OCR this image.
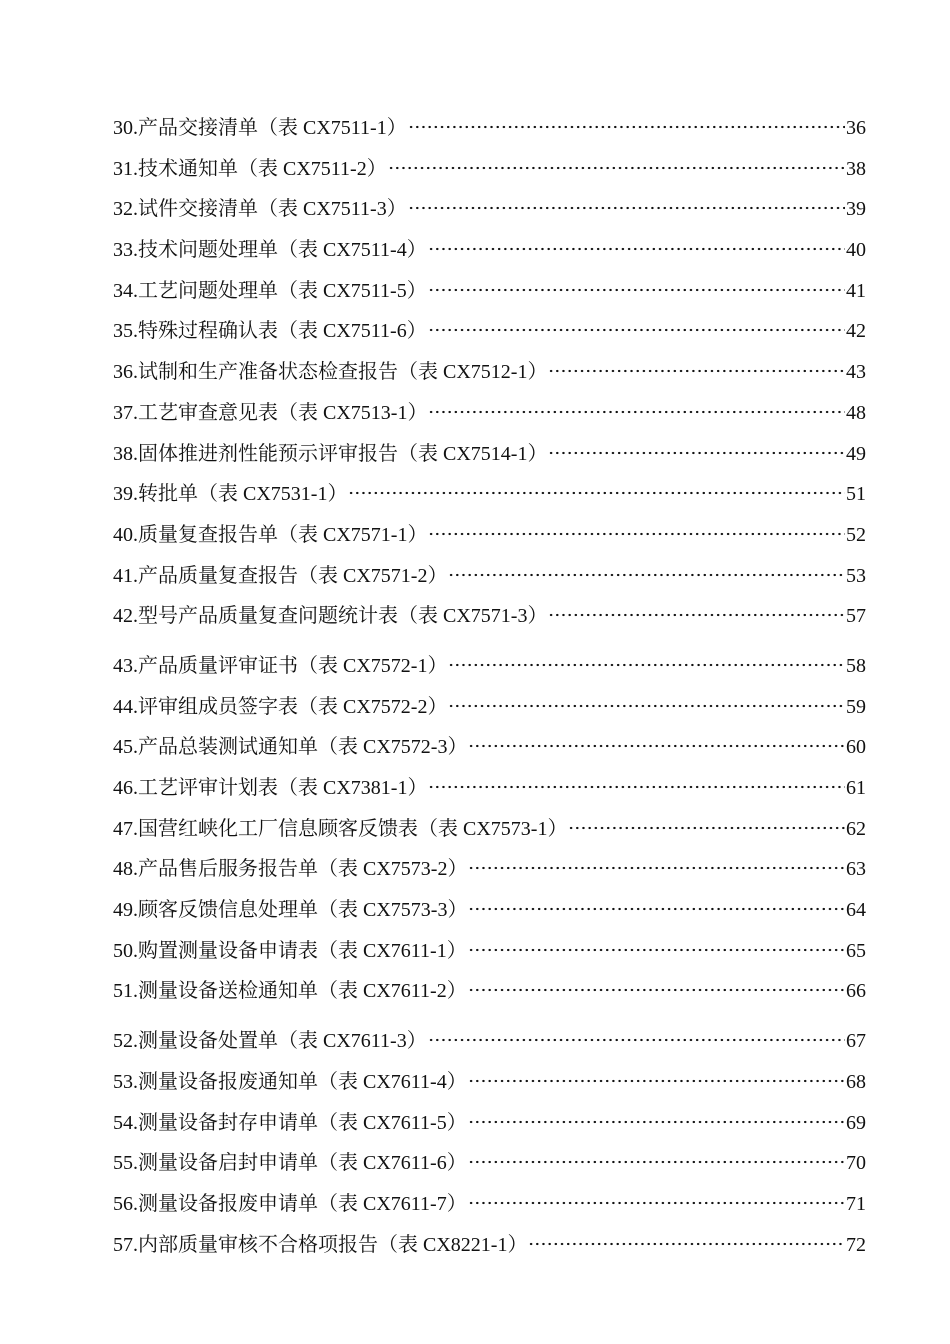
30.产品交接清单（表 CX7511-1）	36
31.技术通知单（表 CX7511-2）	38
32.试件交接清单（表 CX7511-3）	39
33.技术问题处理单（表 CX7511-4）	40
34.工艺问题处理单（表 CX7511-5）	41
35.特殊过程确认表（表 CX7511-6）	42
36.试制和生产准备状态检查报告（表 CX7512-1）	43
37.工艺审查意见表（表 CX7513-1）	48
38.固体推进剂性能预示评审报告（表 CX7514-1）	49
39.转批单（表 CX7531-1）	51
40.质量复查报告单（表 CX7571-1）	52
41.产品质量复查报告（表 CX7571-2）	53
42.型号产品质量复查问题统计表（表 CX7571-3）	57
43.产品质量评审证书（表 CX7572-1）	58
44.评审组成员签字表（表 CX7572-2）	59
45.产品总装测试通知单（表 CX7572-3）	60
46.工艺评审计划表（表 CX7381-1）	61
47.国营红峡化工厂信息顾客反馈表（表 CX7573-1）	62
48.产品售后服务报告单（表 CX7573-2）	63
49.顾客反馈信息处理单（表 CX7573-3）	64
50.购置测量设备申请表（表 CX7611-1）	65
51.测量设备送检通知单（表 CX7611-2）	66
52.测量设备处置单（表 CX7611-3）	67
53.测量设备报废通知单（表 CX7611-4）	68
54.测量设备封存申请单（表 CX7611-5）	69
55.测量设备启封申请单（表 CX7611-6）	70
56.测量设备报废申请单（表 CX7611-7）	71
57.内部质量审核不合格项报告（表 CX8221-1）	72
